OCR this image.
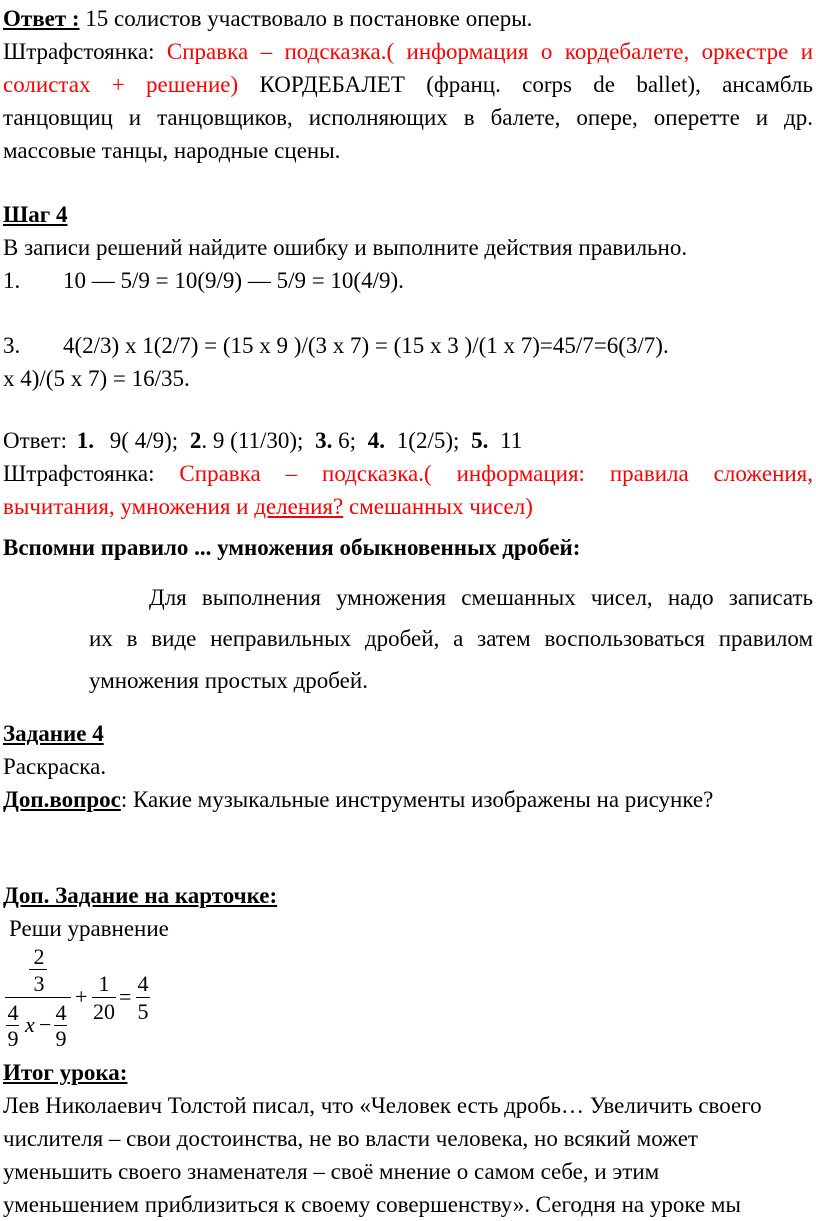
Ответ : 15 солистов участвовало в постановке оперы.
Штрафстоянка: Справка – подсказка.( информация о кордебалете, оркестре и
солистах + решение) КОРДЕБАЛЕТ (франц. corps de ballet), ансамбль
танцовщиц и танцовщиков, исполняющих в балете, опере, оперетте и др.
массовые танцы, народные сцены.
Шаг 4
В записи решений найдите ошибку и выполните действия правильно.
1. 10 — 5/9 = 10(9/9) — 5/9 = 10(4/9).
3. 4(2/3) x 1(2/7) = (15 x 9 )/(3 x 7) = (15 x 3 )/(1 x 7)=45/7=6(3/7).
x 4)/(5 x 7) = 16/35.
Ответ: 1. 9( 4/9); 2. 9 (11/30); 3. 6; 4. 1(2/5); 5. 11
Штрафстоянка: Справка – подсказка.( информация: правила сложения,
вычитания, умножения и деления? смешанных чисел)
Вспомни правило ... умножения обыкновенных дробей:
Для выполнения умножения смешанных чисел, надо записать
их в виде неправильных дробей, а затем воспользоваться правилом
умножения простых дробей.
Задание 4
Раскраска.
Доп.вопрос: Какие музыкальные инструменты изображены на рисунке?
Доп. Задание на карточке:
Реши уравнение
2
3
4
9
x − 4
9
+
1
20
=
4
5
Итог урока:
Лев Николаевич Толстой писал, что «Человек есть дробь… Увеличить своего
числителя – свои достоинства, не во власти человека, но всякий может
уменьшить своего знаменателя – своё мнение о самом себе, и этим
уменьшением приблизиться к своему совершенству». Сегодня на уроке мы
